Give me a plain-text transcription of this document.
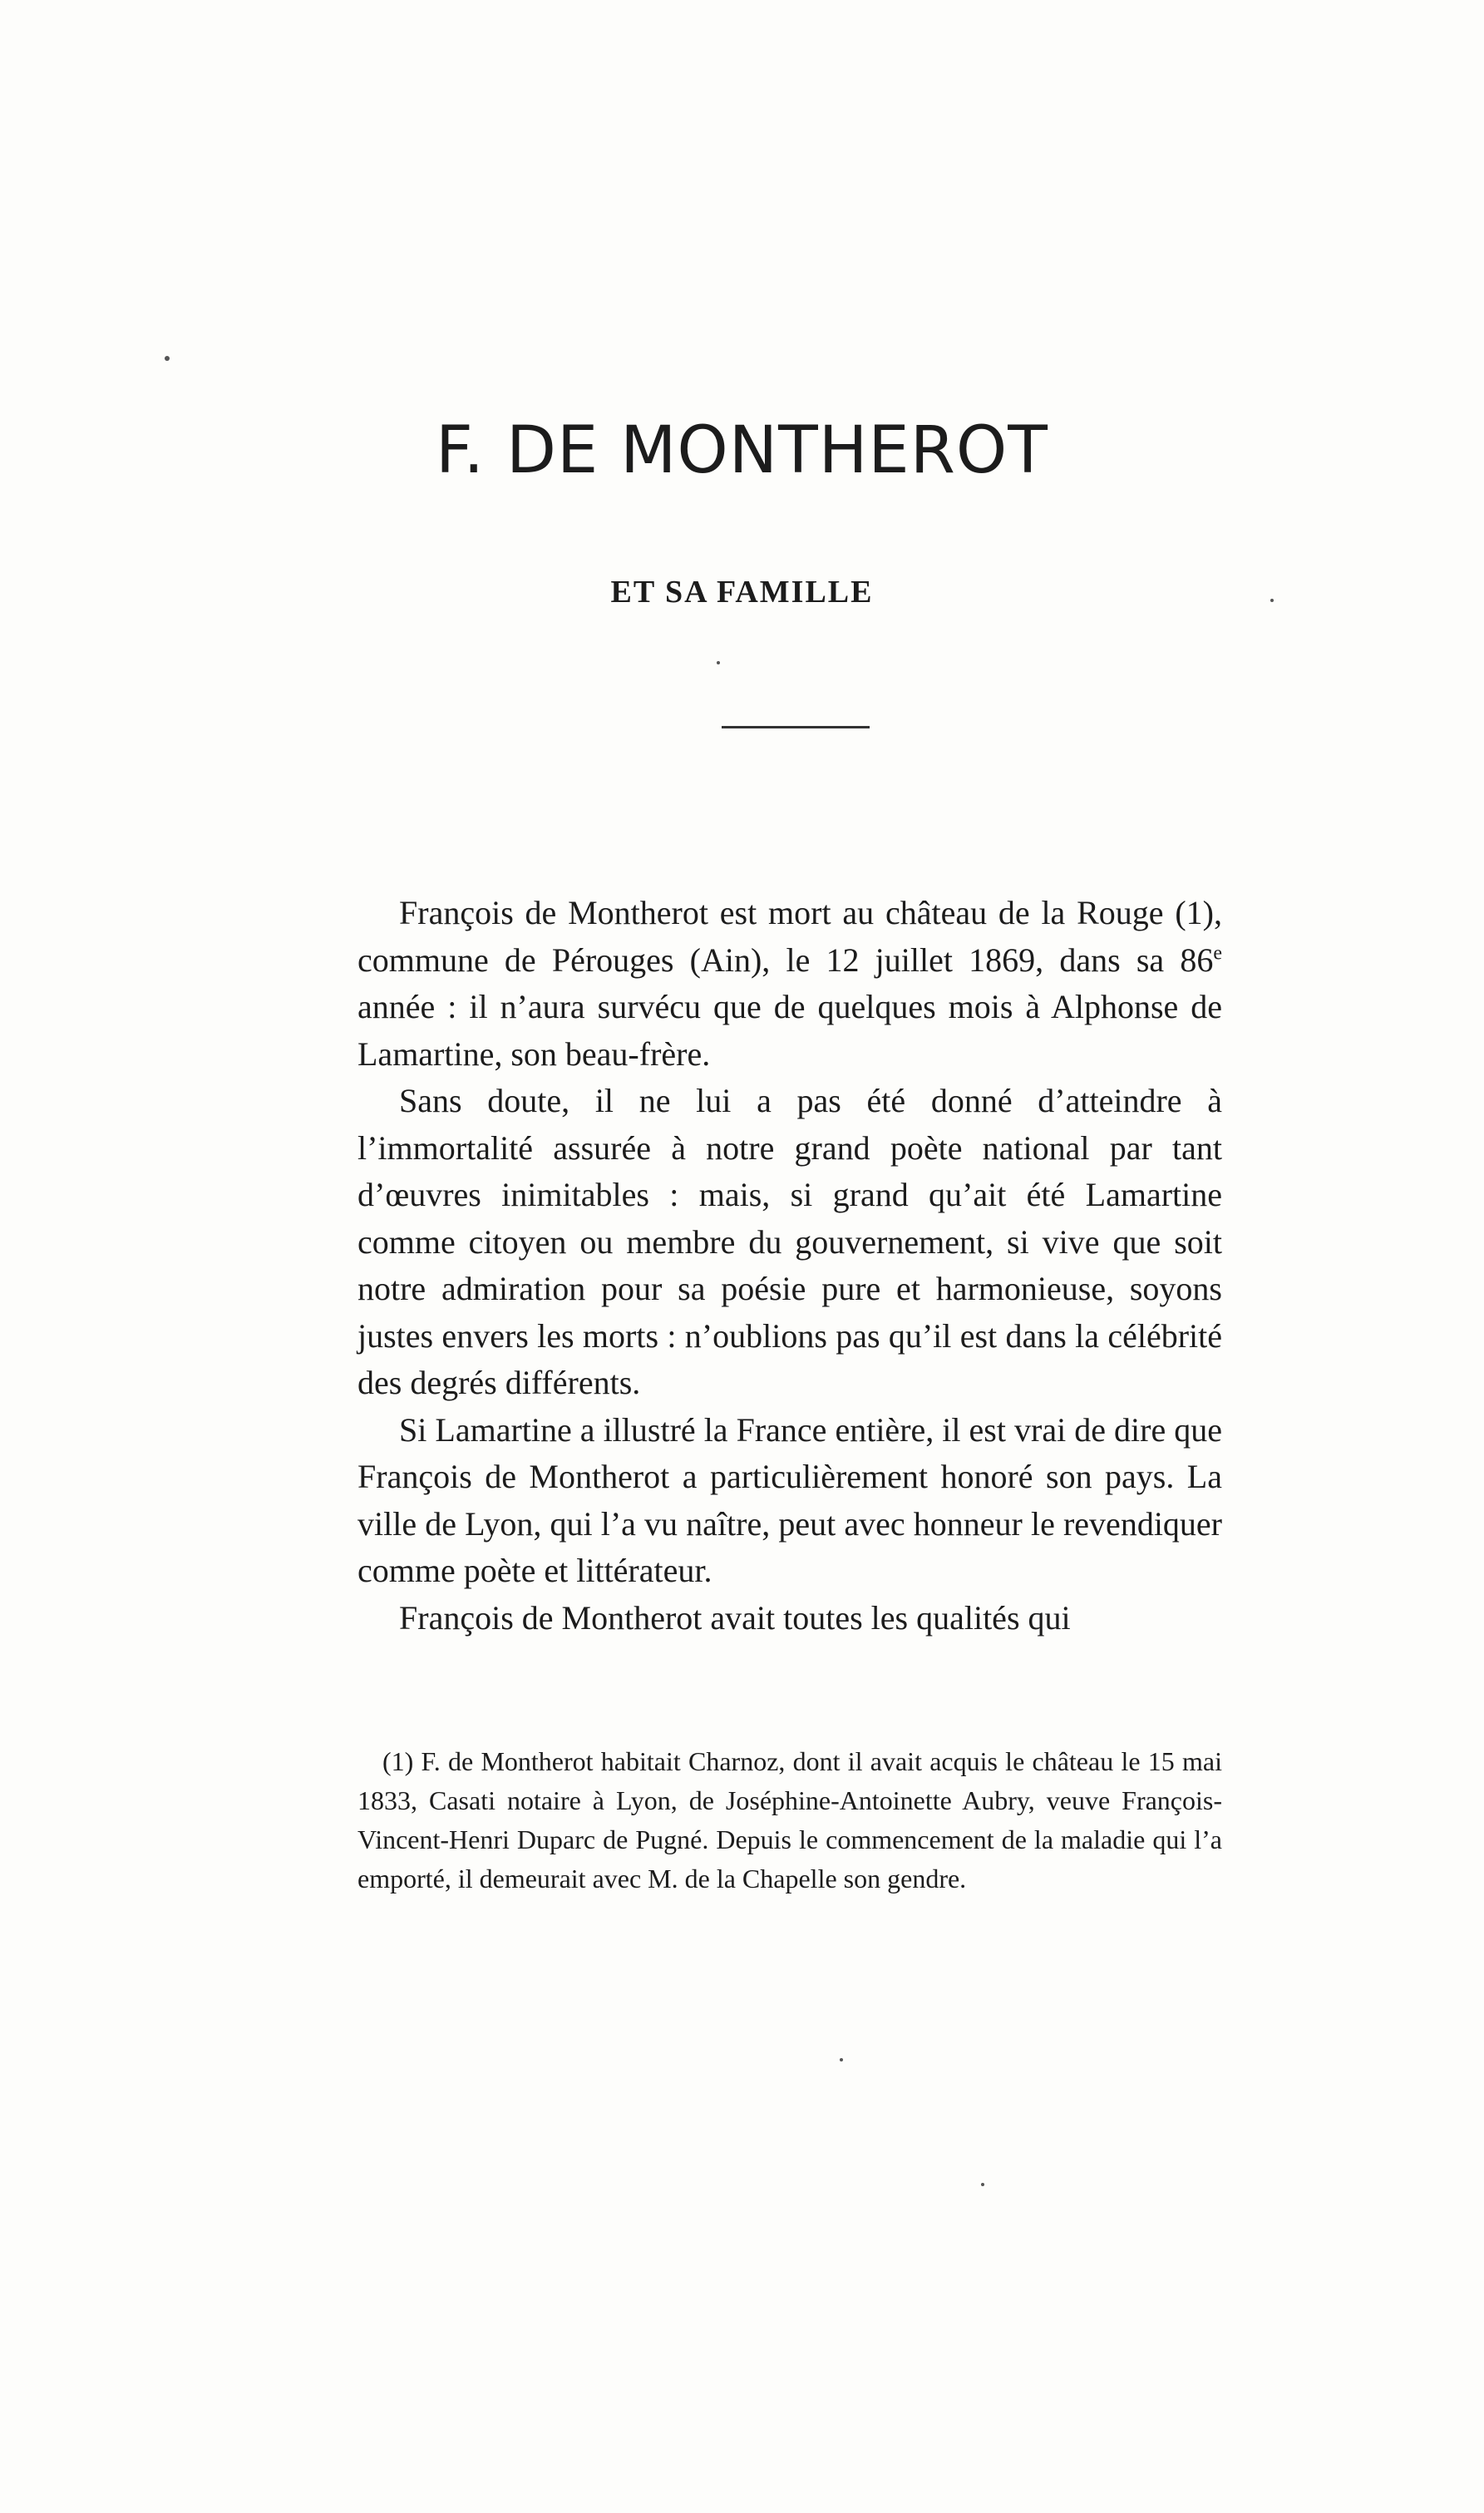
F. DE MONTHEROT
ET SA FAMILLE

François de Montherot est mort au château de la Rouge (1), commune de Pérouges (Ain), le 12 juillet 1869, dans sa 86e année : il n’aura survécu que de quelques mois à Alphonse de Lamartine, son beau-frère.

Sans doute, il ne lui a pas été donné d’atteindre à l’immortalité assurée à notre grand poète national par tant d’œuvres inimitables : mais, si grand qu’ait été Lamartine comme citoyen ou membre du gouvernement, si vive que soit notre admiration pour sa poésie pure et harmonieuse, soyons justes envers les morts : n’oublions pas qu’il est dans la célébrité des degrés différents.

Si Lamartine a illustré la France entière, il est vrai de dire que François de Montherot a particulièrement honoré son pays. La ville de Lyon, qui l’a vu naître, peut avec honneur le revendiquer comme poète et littérateur.

François de Montherot avait toutes les qualités qui

(1) F. de Montherot habitait Charnoz, dont il avait acquis le château le 15 mai 1833, Casati notaire à Lyon, de Joséphine-Antoinette Aubry, veuve François-Vincent-Henri Duparc de Pugné. Depuis le commencement de la maladie qui l’a emporté, il demeurait avec M. de la Chapelle son gendre.
